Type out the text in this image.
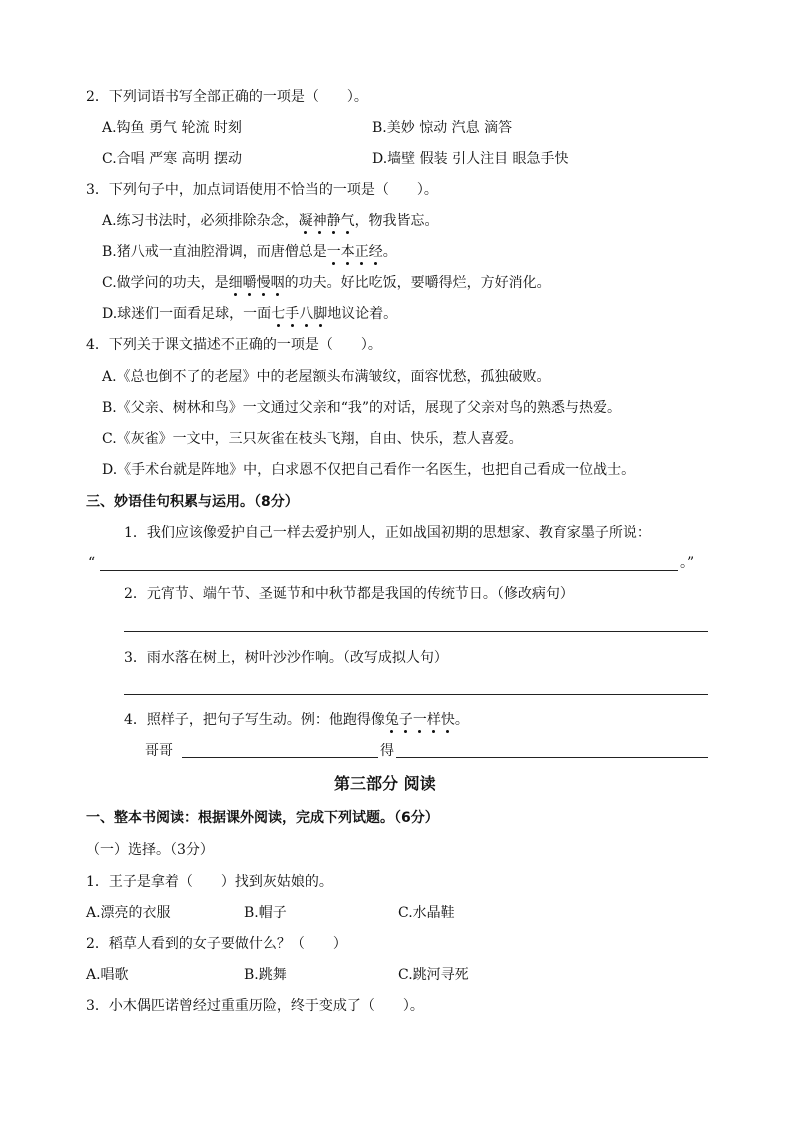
2．下列词语书写全部正确的一项是（　　）。
A.钩鱼 勇气 轮流 时刻	B.美妙 惊动 汽息 滴答
C.合唱 严寒 高明 摆动	D.墙壁 假装 引人注目 眼急手快
3．下列句子中，加点词语使用不恰当的一项是（　　）。
A.练习书法时，必须排除杂念，凝神静气，物我皆忘。
B.猪八戒一直油腔滑调，而唐僧总是一本正经。
C.做学问的功夫，是细嚼慢咽的功夫。好比吃饭，要嚼得烂，方好消化。
D.球迷们一面看足球，一面七手八脚地议论着。
4．下列关于课文描述不正确的一项是（　　）。
A.《总也倒不了的老屋》中的老屋额头布满皱纹，面容忧愁，孤独破败。
B.《父亲、树林和鸟》一文通过父亲和“我”的对话，展现了父亲对鸟的熟悉与热爱。
C.《灰雀》一文中，三只灰雀在枝头飞翔，自由、快乐，惹人喜爱。
D.《手术台就是阵地》中，白求恩不仅把自己看作一名医生，也把自己看成一位战士。
三、妙语佳句积累与运用。（8分）
1．我们应该像爱护自己一样去爱护别人，正如战国初期的思想家、教育家墨子所说：
“	。”
2．元宵节、端午节、圣诞节和中秋节都是我国的传统节日。（修改病句）
3．雨水落在树上，树叶沙沙作响。（改写成拟人句）
4．照样子，把句子写生动。例：他跑得像兔子一样快。
哥哥	得
第三部分 阅读
一、整本书阅读：根据课外阅读，完成下列试题。（6分）
（一）选择。（3分）
1．王子是拿着（　　）找到灰姑娘的。
A.漂亮的衣服	B.帽子	C.水晶鞋
2．稻草人看到的女子要做什么？（　　）
A.唱歌	B.跳舞	C.跳河寻死
3．小木偶匹诺曾经过重重历险，终于变成了（　　）。
